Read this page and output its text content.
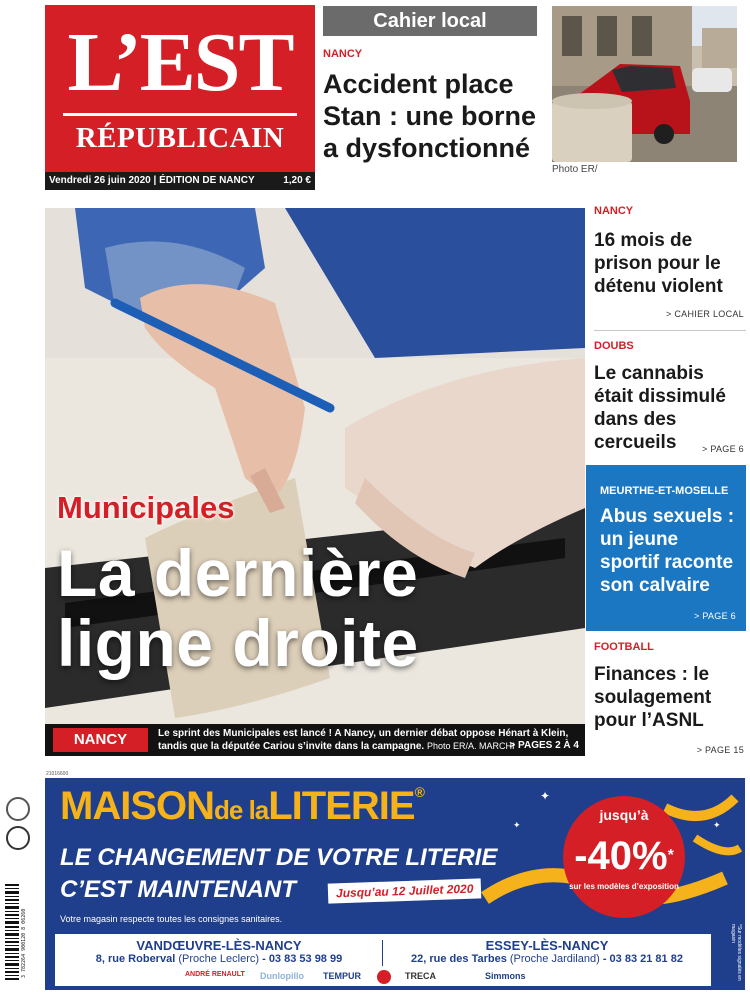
L’EST
RÉPUBLICAIN
Vendredi 26 juin 2020 | ÉDITION DE NANCY	1,20 €
Cahier local
NANCY
Accident place Stan : une borne a dysfonctionné
Photo ER/
Municipales
La dernière
ligne droite
NANCY	Le sprint des Municipales est lancé ! A Nancy, un dernier débat oppose Hénart à Klein, tandis que la députée Cariou s’invite dans la campagne. Photo ER/A. MARCHI
> PAGES 2 À 4
NANCY
16 mois de prison pour le détenu violent
> CAHIER LOCAL
DOUBS
Le cannabis était dissimulé dans des cercueils	> PAGE 6
MEURTHE-ET-MOSELLE
Abus sexuels : un jeune sportif raconte son calvaire
> PAGE 6
FOOTBALL
Finances : le soulagement pour l’ASNL
> PAGE 15
21016600
MAISONde laLITERIE®	✦
✦	✦
LE CHANGEMENT DE VOTRE LITERIE
C’EST MAINTENANT	Jusqu’au 12 Juillet 2020
Votre magasin respecte toutes les consignes sanitaires.
jusqu’à
-40%*
sur les modèles d’exposition
*Sur modèles signalés en magasin
VANDŒUVRE-LÈS-NANCY
8, rue Roberval (Proche Leclerc) - 03 83 53 98 99
ESSEY-LÈS-NANCY
22, rue des Tarbes (Proche Jardiland) - 03 83 21 81 82
ANDRÉ RENAULT Dunlopillo TEMPUR	TRECA	Simmons
3 782264 900120 8 06260
